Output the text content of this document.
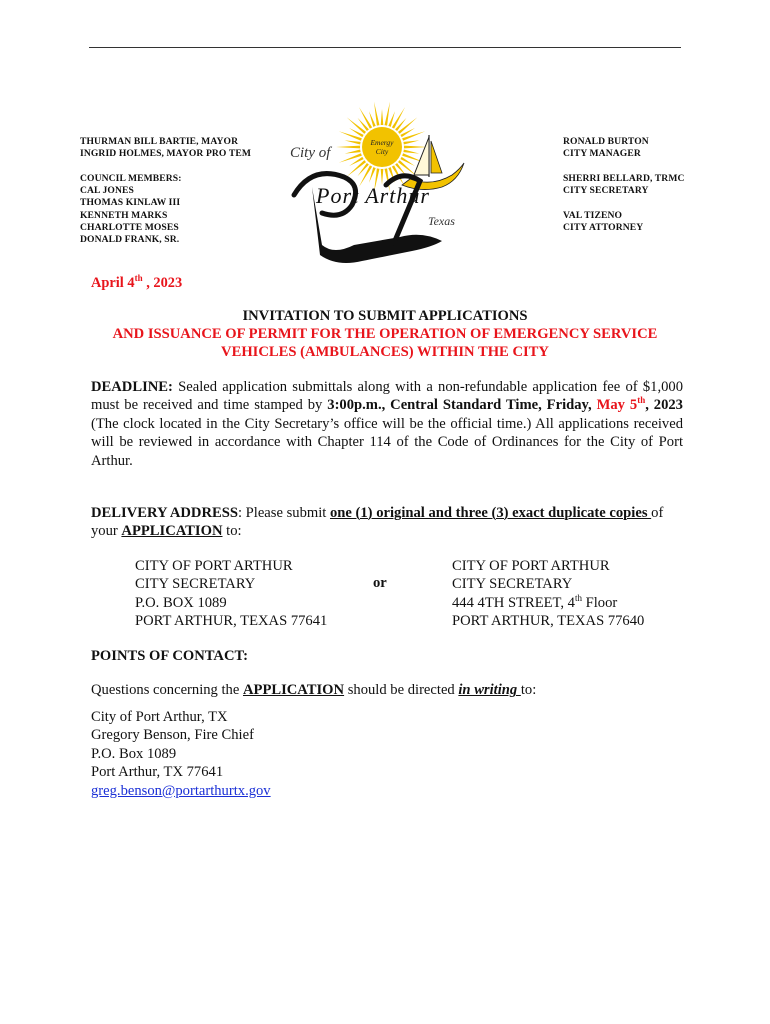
THURMAN BILL BARTIE, MAYOR
INGRID HOLMES, MAYOR PRO TEM
COUNCIL MEMBERS:
CAL JONES
THOMAS KINLAW III
KENNETH MARKS
CHARLOTTE MOSES
DONALD FRANK, SR.
RONALD BURTON
CITY MANAGER
SHERRI BELLARD, TRMC
CITY SECRETARY
VAL TIZENO
CITY ATTORNEY
Emergy
City
City of
Port Arthur
Texas
April 4th , 2023
INVITATION TO SUBMIT APPLICATIONS
AND ISSUANCE OF PERMIT FOR THE OPERATION OF EMERGENCY SERVICE
VEHICLES (AMBULANCES) WITHIN THE CITY
DEADLINE: Sealed application submittals along with a non-refundable application fee of $1,000 must be received and time stamped by 3:00p.m., Central Standard Time, Friday, May 5th, 2023 (The clock located in the City Secretary’s office will be the official time.) All applications received will be reviewed in accordance with Chapter 114 of the Code of Ordinances for the City of Port Arthur.
DELIVERY ADDRESS: Please submit one (1) original and three (3) exact duplicate copies of your APPLICATION to:
CITY OF PORT ARTHUR
CITY SECRETARY
P.O. BOX 1089
PORT ARTHUR, TEXAS 77641
or
CITY OF PORT ARTHUR
CITY SECRETARY
444 4TH STREET, 4th Floor
PORT ARTHUR, TEXAS 77640
POINTS OF CONTACT:
Questions concerning the APPLICATION should be directed in writing to:
City of Port Arthur, TX
Gregory Benson, Fire Chief
P.O. Box 1089
Port Arthur, TX 77641
greg.benson@portarthurtx.gov
